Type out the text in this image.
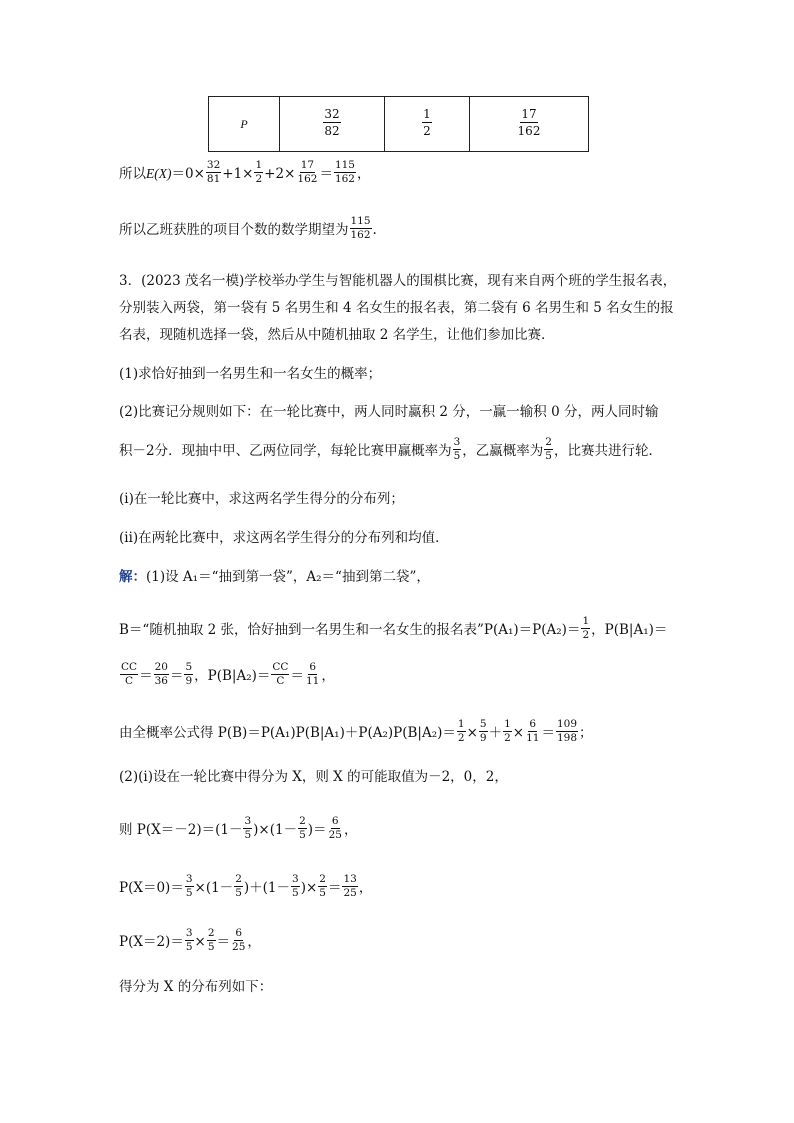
P	$\frac{32}{82}$	$\frac{1}{2}$	$\frac{17}{162}$
所以$E(X)=0\times \frac{32}{81} +1\times \frac{1}{2} +2\times \frac{17}{162} = \frac{115}{162}$ ，
所以乙班获胜的项目个数的数学期望为 $\frac{115}{162}$ .
3．(2023 茂名一模)学校举办学生与智能机器人的围棋比赛，现有来自两个班的学生报名表，
分别装入两袋，第一袋有 5 名男生和 4 名女生的报名表，第二袋有 6 名男生和 5 名女生的报
名表，现随机选择一袋，然后从中随机抽取 2 名学生，让他们参加比赛．
(1)求恰好抽到一名男生和一名女生的概率；
(2)比赛记分规则如下：在一轮比赛中，两人同时赢积 2 分，一赢一输积 0 分，两人同时输
积－2分．现抽中甲、乙两位同学，每轮比赛甲赢概率为 $\frac{3}{5}$ ，乙赢概率为 $\frac{2}{5}$ ，比赛共进行轮．
(ⅰ)在一轮比赛中，求这两名学生得分的分布列；
(ⅱ)在两轮比赛中，求这两名学生得分的分布列和均值．
解：(1)设 A₁＝“抽到第一袋”，A₂＝“抽到第二袋”，
B＝“随机抽取 2 张，恰好抽到一名男生和一名女生的报名表”P(A₁)＝P(A₂)＝ $\frac{1}{2}$ ，P(B|A₁)＝
$\frac{CC}{C} = \frac{20}{36} = \frac{5}{9}$ ，$P(B|A_2)= \frac{CC}{C} = \frac{6}{11}$ ，
由全概率公式得 $P(B)=P(A_1)P(B|A_1)+P(A_2)P(B|A_2)= \frac{1}{2} \times \frac{5}{9} + \frac{1}{2} \times \frac{6}{11} = \frac{109}{198}$ ；
(2)(ⅰ)设在一轮比赛中得分为 X，则 X 的可能取值为－2，0，2，
则 $P(X=-2)=(1- \frac{3}{5} )\times(1- \frac{2}{5}$ )＝ $\frac{6}{25}$ ，
$P(X=0)= \frac{3}{5} \times(1- \frac{2}{5} )+(1- \frac{3}{5}$ )× $\frac{2}{5} = \frac{13}{25}$ ，
$P(X=2)= \frac{3}{5} \times \frac{2}{5} = \frac{6}{25}$ ，
得分为 X 的分布列如下：
